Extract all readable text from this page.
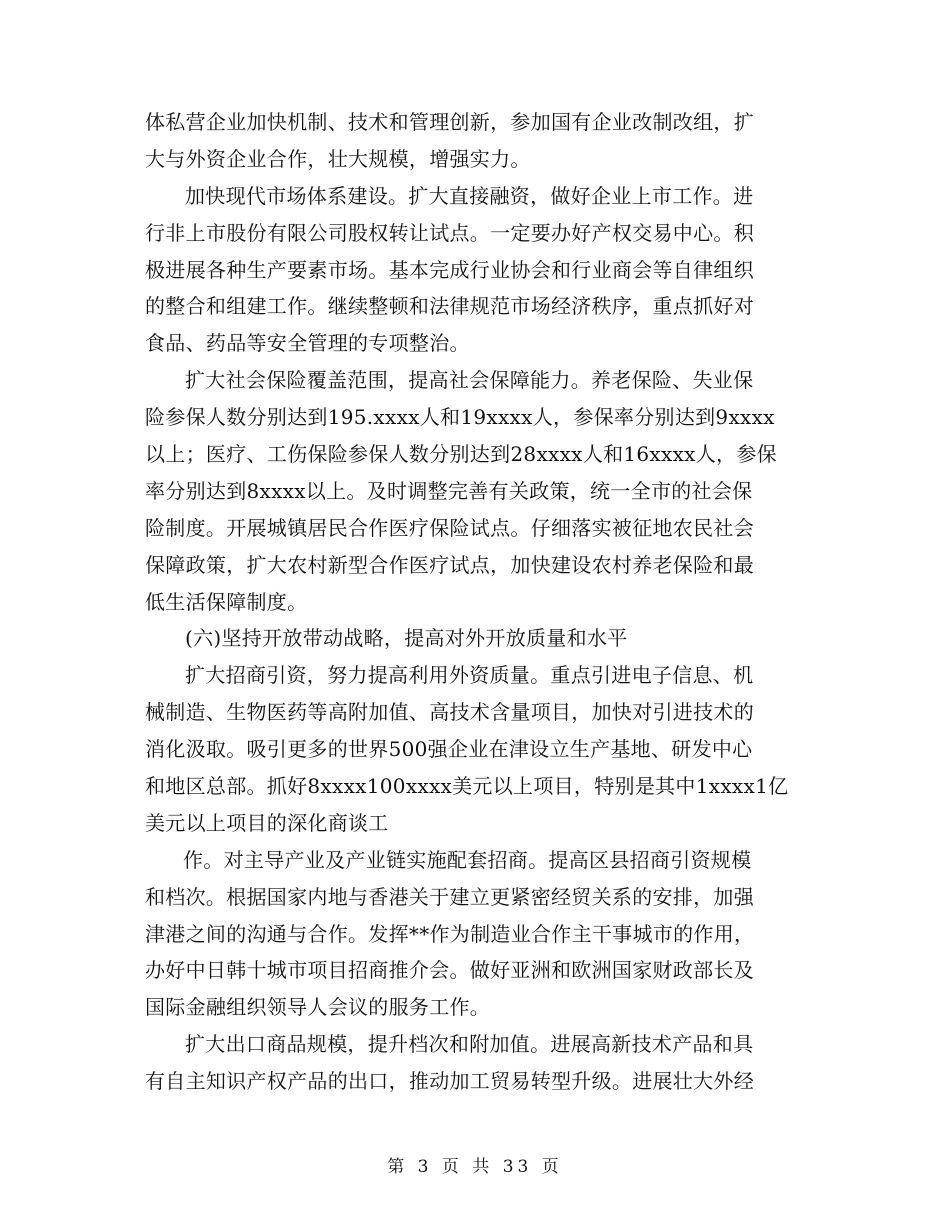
体私营企业加快机制、技术和管理创新，参加国有企业改制改组，扩
大与外资企业合作，壮大规模，增强实力。
加快现代市场体系建设。扩大直接融资，做好企业上市工作。进
行非上市股份有限公司股权转让试点。一定要办好产权交易中心。积
极进展各种生产要素市场。基本完成行业协会和行业商会等自律组织
的整合和组建工作。继续整顿和法律规范市场经济秩序，重点抓好对
食品、药品等安全管理的专项整治。
扩大社会保险覆盖范围，提高社会保障能力。养老保险、失业保
险参保人数分别达到195.xxxx人和19xxxx人，参保率分别达到9xxxx
以上；医疗、工伤保险参保人数分别达到28xxxx人和16xxxx人，参保
率分别达到8xxxx以上。及时调整完善有关政策，统一全市的社会保
险制度。开展城镇居民合作医疗保险试点。仔细落实被征地农民社会
保障政策，扩大农村新型合作医疗试点，加快建设农村养老保险和最
低生活保障制度。
(六)坚持开放带动战略，提高对外开放质量和水平
扩大招商引资，努力提高利用外资质量。重点引进电子信息、机
械制造、生物医药等高附加值、高技术含量项目，加快对引进技术的
消化汲取。吸引更多的世界500强企业在津设立生产基地、研发中心
和地区总部。抓好8xxxx100xxxx美元以上项目，特别是其中1xxxx1亿
美元以上项目的深化商谈工
作。对主导产业及产业链实施配套招商。提高区县招商引资规模
和档次。根据国家内地与香港关于建立更紧密经贸关系的安排，加强
津港之间的沟通与合作。发挥**作为制造业合作主干事城市的作用，
办好中日韩十城市项目招商推介会。做好亚洲和欧洲国家财政部长及
国际金融组织领导人会议的服务工作。
扩大出口商品规模，提升档次和附加值。进展高新技术产品和具
有自主知识产权产品的出口，推动加工贸易转型升级。进展壮大外经
第 3 页 共 33 页
